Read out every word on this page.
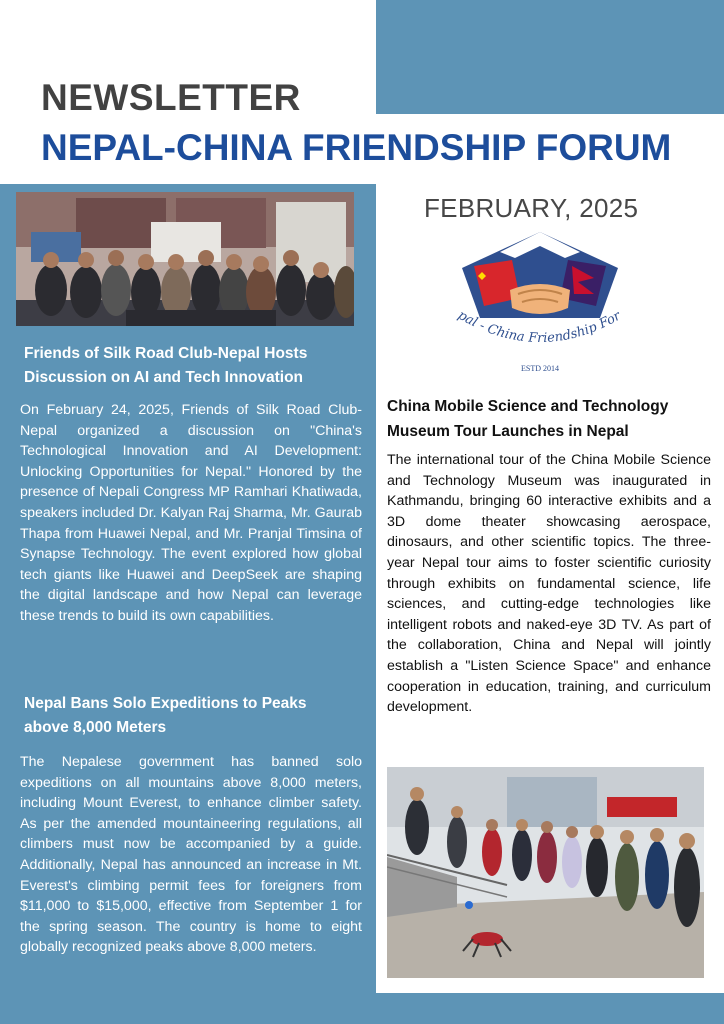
NEWSLETTER
NEPAL-CHINA FRIENDSHIP FORUM
Friends of Silk Road Club-Nepal Hosts Discussion on AI and Tech Innovation
On February 24, 2025, Friends of Silk Road Club-Nepal organized a discussion on "China's Technological Innovation and AI Development: Unlocking Opportunities for Nepal." Honored by the presence of Nepali Congress MP Ramhari Khatiwada, speakers included Dr. Kalyan Raj Sharma, Mr. Gaurab Thapa from Huawei Nepal, and Mr. Pranjal Timsina of Synapse Technology. The event explored how global tech giants like Huawei and DeepSeek are shaping the digital landscape and how Nepal can leverage these trends to build its own capabilities.
Nepal Bans Solo Expeditions to Peaks above 8,000 Meters
The Nepalese government has banned solo expeditions on all mountains above 8,000 meters, including Mount Everest, to enhance climber safety. As per the amended mountaineering regulations, all climbers must now be accompanied by a guide. Additionally, Nepal has announced an increase in Mt. Everest's climbing permit fees for foreigners from $11,000 to $15,000, effective from September 1 for the spring season. The country is home to eight globally recognized peaks above 8,000 meters.
FEBRUARY, 2025
pal - China Friendship For
ESTD 2014
China Mobile Science and Technology Museum Tour Launches in Nepal
The international tour of the China Mobile Science and Technology Museum was inaugurated in Kathmandu, bringing 60 interactive exhibits and a 3D dome theater showcasing aerospace, dinosaurs, and other scientific topics. The three-year Nepal tour aims to foster scientific curiosity through exhibits on fundamental science, life sciences, and cutting-edge technologies like intelligent robots and naked-eye 3D TV. As part of the collaboration, China and Nepal will jointly establish a "Listen Science Space" and enhance cooperation in education, training, and curriculum development.
